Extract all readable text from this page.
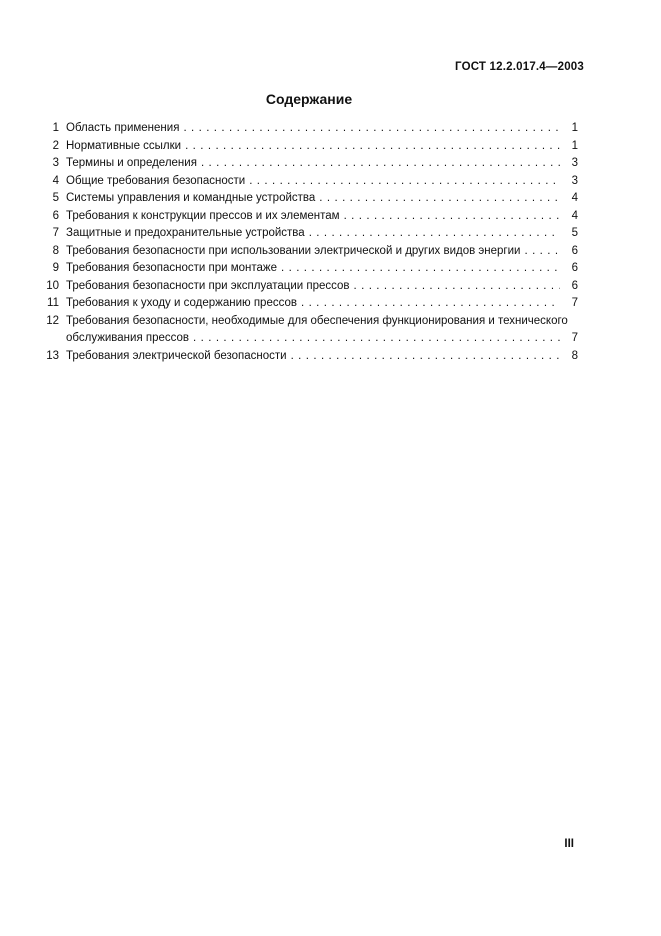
ГОСТ 12.2.017.4—2003
Содержание
1 Область применения . . .	1
2 Нормативные ссылки . . .	1
3 Термины и определения . . .	3
4 Общие требования безопасности . . .	3
5 Системы управления и командные устройства . . .	4
6 Требования к конструкции прессов и их элементам . . .	4
7 Защитные и предохранительные устройства . . .	5
8 Требования безопасности при использовании электрической и других видов энергии . . .	6
9 Требования безопасности при монтаже . . .	6
10 Требования безопасности при эксплуатации прессов . . .	6
11 Требования к уходу и содержанию прессов . . .	7
12 Требования безопасности, необходимые для обеспечения функционирования и технического
обслуживания прессов . . .	7
13 Требования электрической безопасности . . .	8
III
